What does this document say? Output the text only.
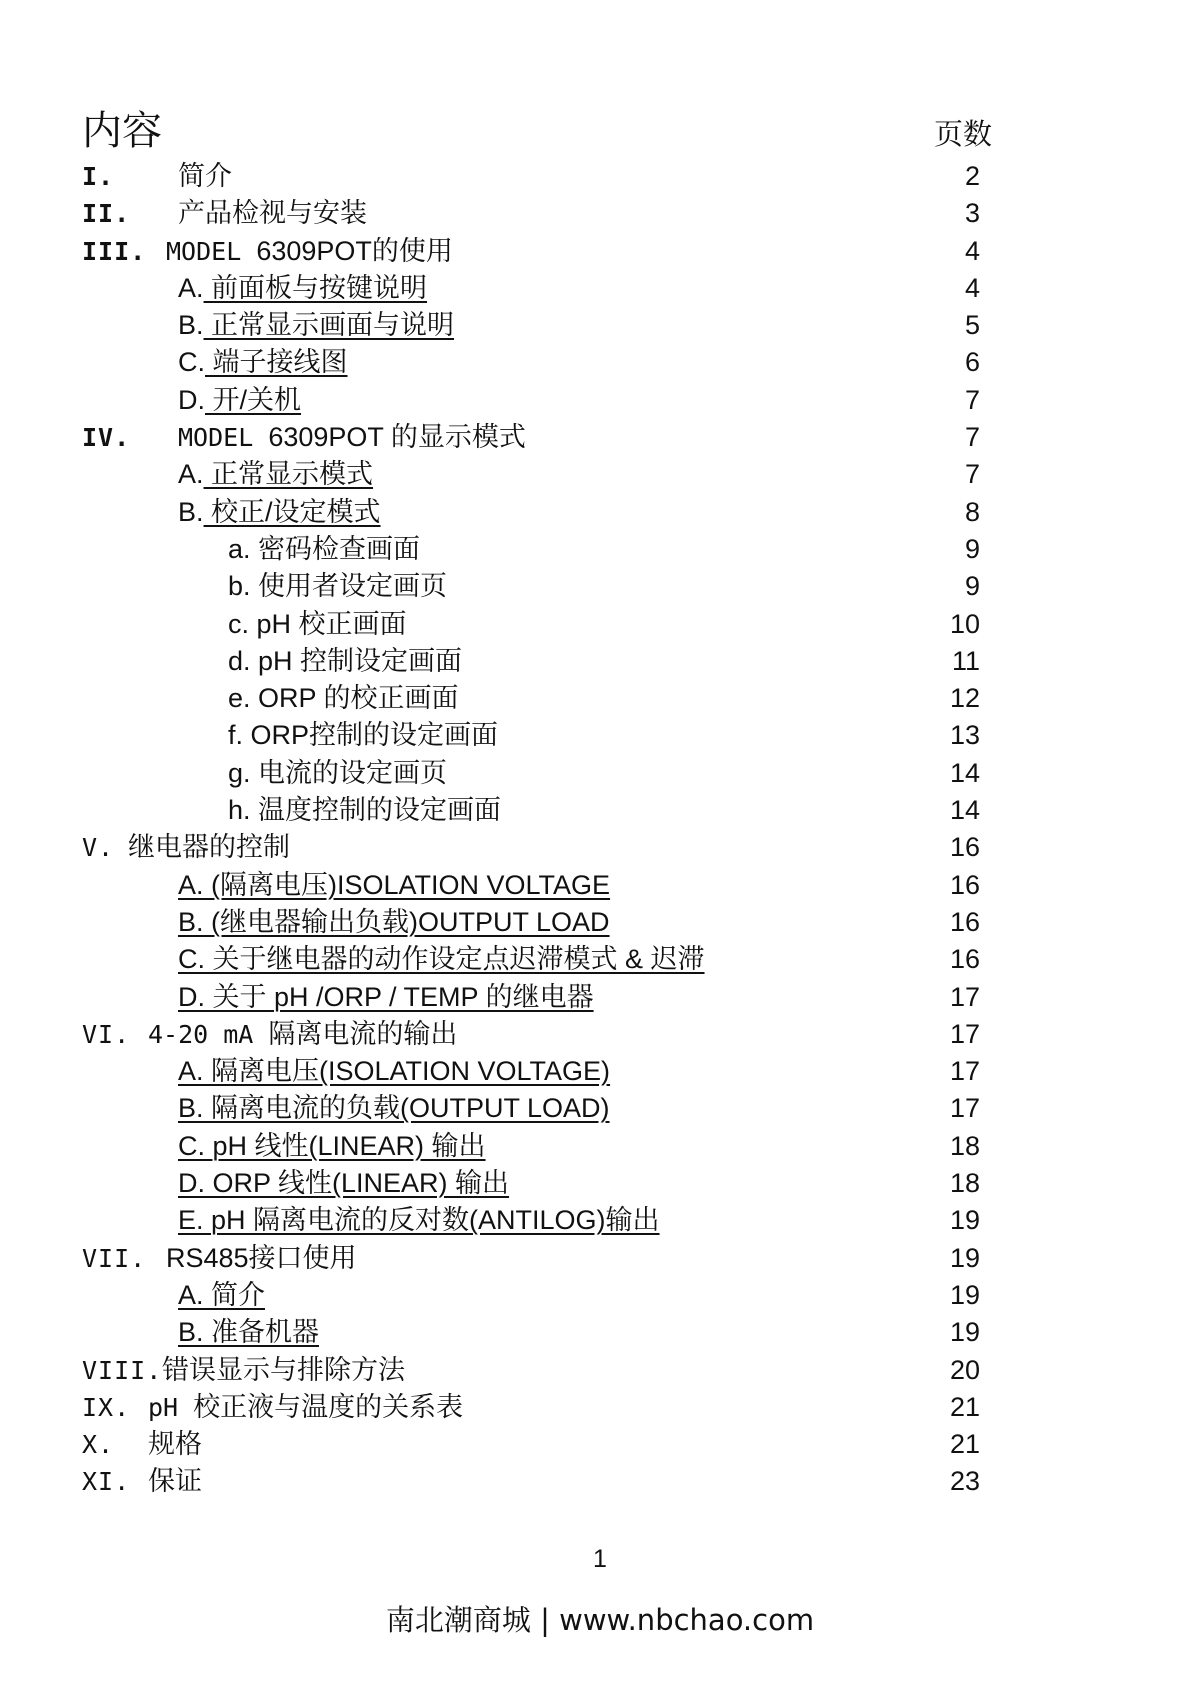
内容	页数
I. 简介	2
II. 产品检视与安装	3
III. MODEL 6309POT的使用	4
A. 前面板与按键说明	4
B. 正常显示画面与说明	5
C. 端子接线图	6
D. 开/关机	7
IV. MODEL 6309POT 的显示模式	7
A. 正常显示模式	7
B. 校正/设定模式	8
a. 密码检查画面	9
b. 使用者设定画页	9
c. pH 校正画面	10
d. pH 控制设定画面	11
e. ORP 的校正画面	12
f. ORP控制的设定画面	13
g. 电流的设定画页	14
h. 温度控制的设定画面	14
V. 继电器的控制	16
A. (隔离电压)ISOLATION VOLTAGE	16
B. (继电器输出负载)OUTPUT LOAD	16
C. 关于继电器的动作设定点迟滞模式 & 迟滞	16
D. 关于 pH /ORP / TEMP 的继电器	17
VI. 4-20 mA 隔离电流的输出	17
A. 隔离电压(ISOLATION VOLTAGE)	17
B. 隔离电流的负载(OUTPUT LOAD)	17
C. pH 线性(LINEAR) 输出	18
D. ORP 线性(LINEAR) 输出	18
E. pH 隔离电流的反对数(ANTILOG)输出	19
VII. RS485接口使用	19
A. 简介	19
B. 准备机器	19
VIII. 错误显示与排除方法	20
IX. pH 校正液与温度的关系表	21
X. 规格	21
XI. 保证	23
1
南北潮商城 | www.nbchao.com
